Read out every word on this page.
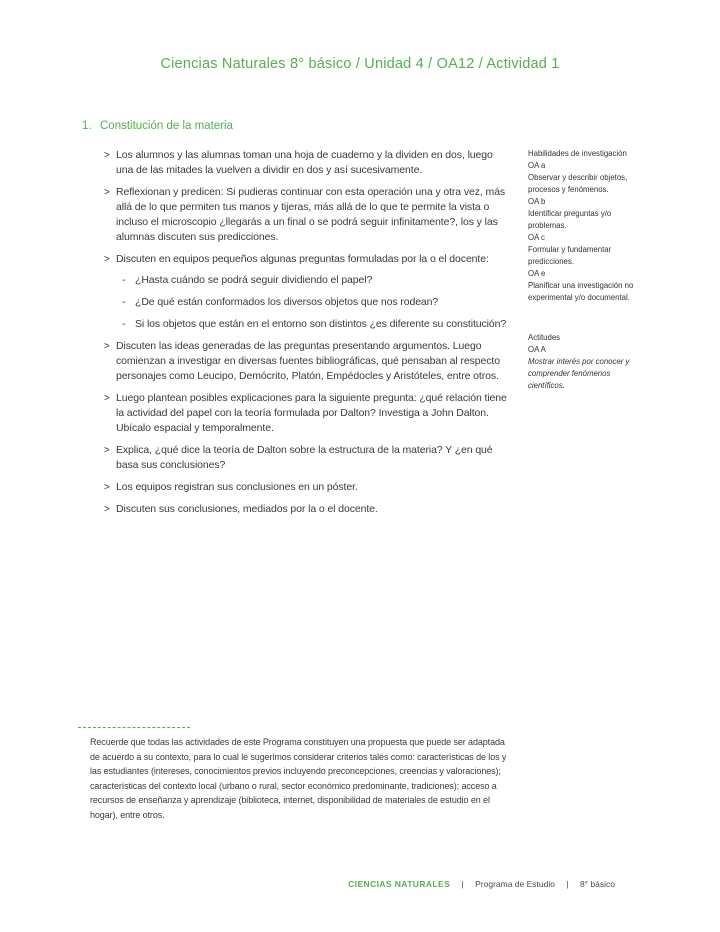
Ciencias Naturales 8° básico / Unidad 4 / OA12 / Actividad 1
1. Constitución de la materia
> Los alumnos y las alumnas toman una hoja de cuaderno y la dividen en dos, luego una de las mitades la vuelven a dividir en dos y así sucesivamente.
> Reflexionan y predicen: Si pudieras continuar con esta operación una y otra vez, más allá de lo que permiten tus manos y tijeras, más allá de lo que te permite la vista o incluso el microscopio ¿llegarás a un final o se podrá seguir infinitamente?, los y las alumnas discuten sus predicciones.
> Discuten en equipos pequeños algunas preguntas formuladas por la o el docente:
- ¿Hasta cuándo se podrá seguir dividiendo el papel?
- ¿De qué están conformados los diversos objetos que nos rodean?
- Si los objetos que están en el entorno son distintos ¿es diferente su constitución?
> Discuten las ideas generadas de las preguntas presentando argumentos. Luego comienzan a investigar en diversas fuentes bibliográficas, qué pensaban al respecto personajes como Leucipo, Demócrito, Platón, Empédocles y Aristóteles, entre otros.
> Luego plantean posibles explicaciones para la siguiente pregunta: ¿qué relación tiene la actividad del papel con la teoría formulada por Dalton? Investiga a John Dalton. Ubícalo espacial y temporalmente.
> Explica, ¿qué dice la teoría de Dalton sobre la estructura de la materia? Y ¿en qué basa sus conclusiones?
> Los equipos registran sus conclusiones en un póster.
> Discuten sus conclusiones, mediados por la o el docente.
Habilidades de investigación
OA a
Observar y describir objetos, procesos y fenómenos.
OA b
Identificar preguntas y/o problemas.
OA c
Formular y fundamentar predicciones.
OA e
Planificar una investigación no experimental y/o documental.
Actitudes
OA A
Mostrar interés por conocer y comprender fenómenos científicos.

Recuerde que todas las actividades de este Programa constituyen una propuesta que puede ser adaptada de acuerdo a su contexto, para lo cual le sugerimos considerar criterios tales como: características de los y las estudiantes (intereses, conocimientos previos incluyendo preconcepciones, creencias y valoraciones); características del contexto local (urbano o rural, sector económico predominante, tradiciones); acceso a recursos de enseñanza y aprendizaje (biblioteca, internet, disponibilidad de materiales de estudio en el hogar), entre otros.

CIENCIAS NATURALES | Programa de Estudio | 8° básico
